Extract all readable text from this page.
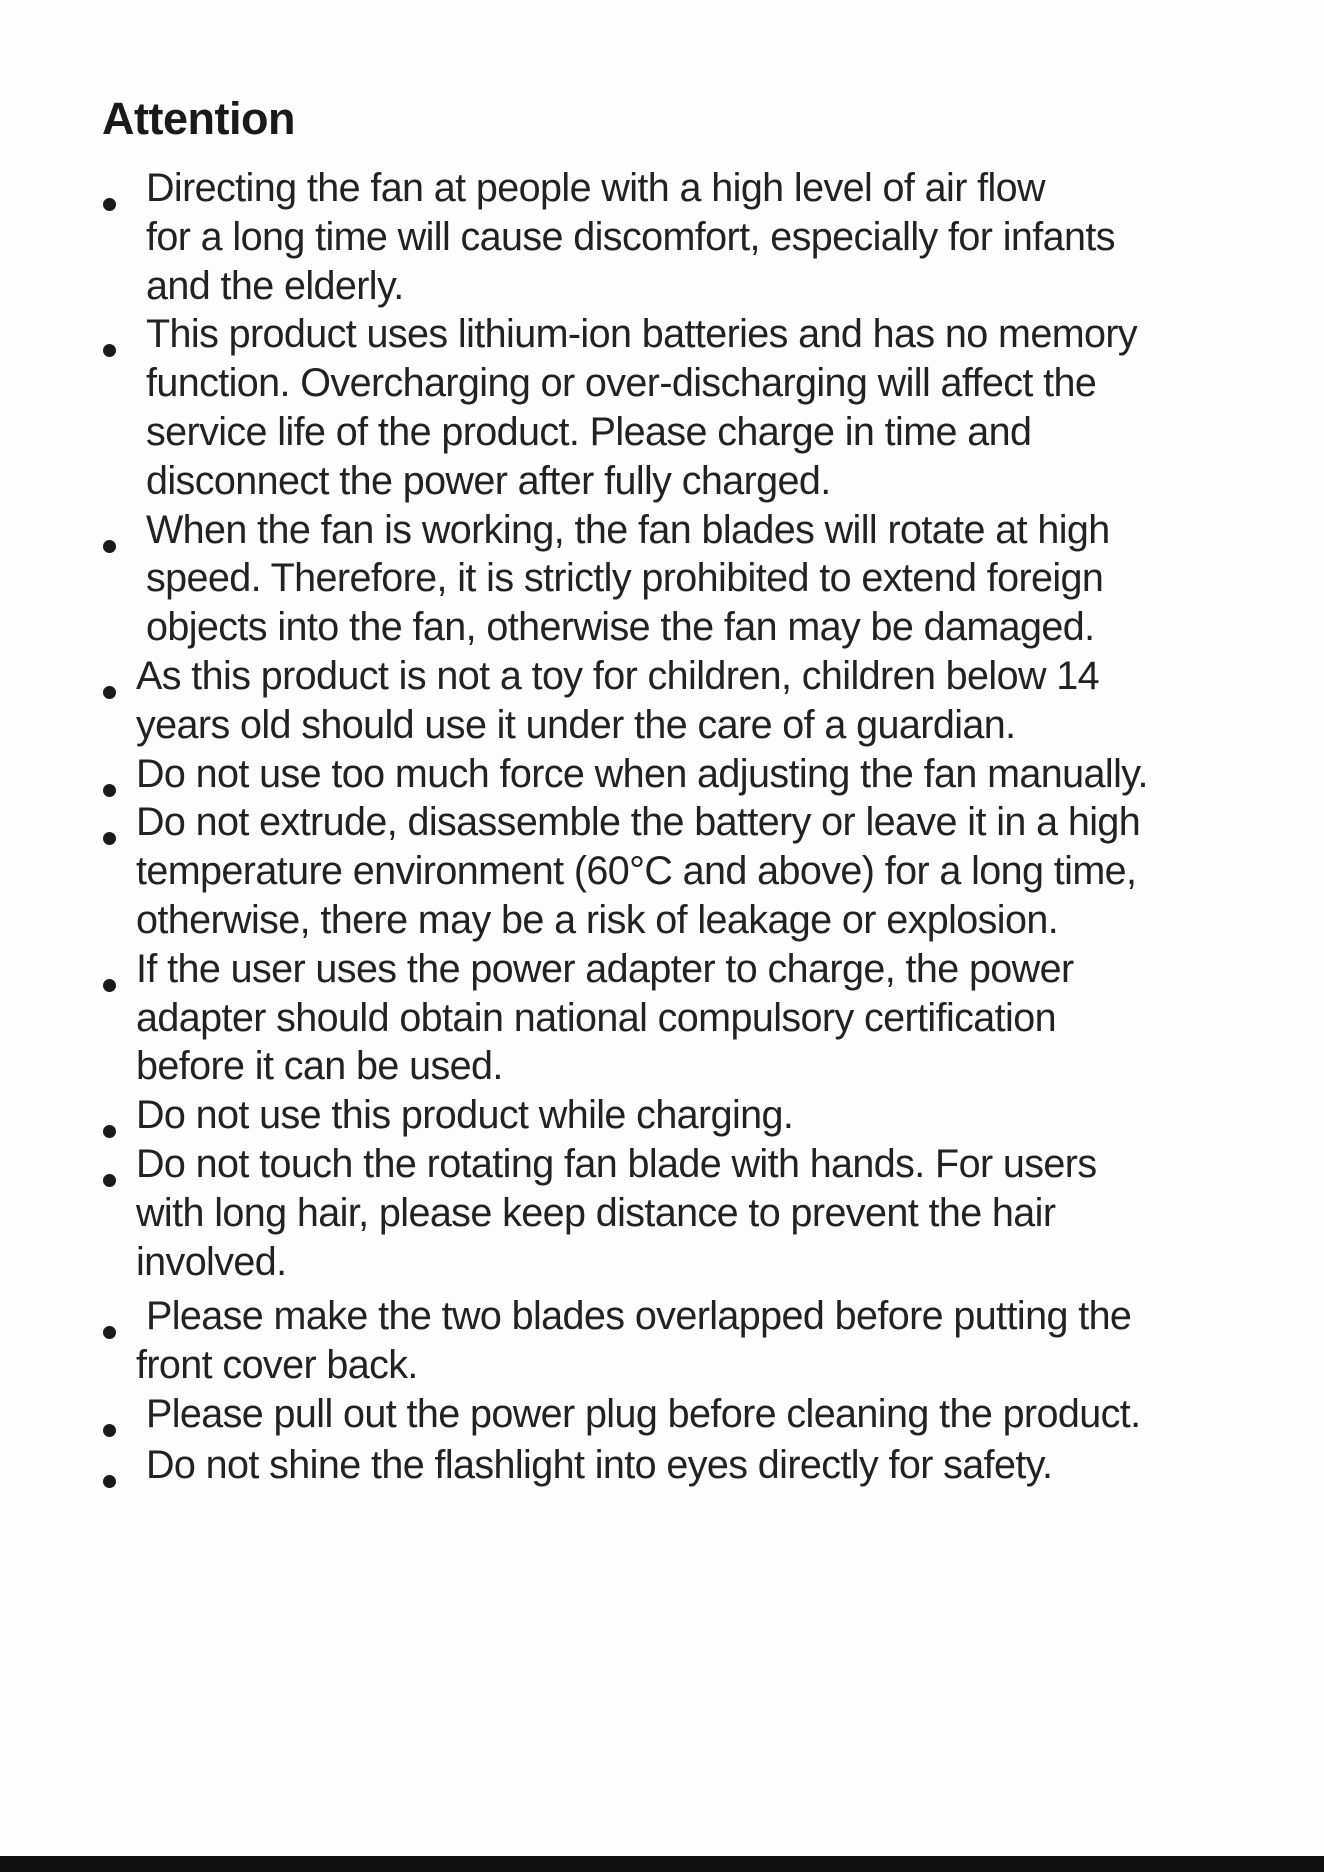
Attention
Directing the fan at people with a high level of air flow
for a long time will cause discomfort, especially for infants
and the elderly.
This product uses lithium-ion batteries and has no memory
function. Overcharging or over-discharging will affect the
service life of the product. Please charge in time and
disconnect the power after fully charged.
When the fan is working, the fan blades will rotate at high
speed. Therefore, it is strictly prohibited to extend foreign
objects into the fan, otherwise the fan may be damaged.
As this product is not a toy for children, children below 14
years old should use it under the care of a guardian.
Do not use too much force when adjusting the fan manually.
Do not extrude, disassemble the battery or leave it in a high
temperature environment (60°C and above) for a long time,
otherwise, there may be a risk of leakage or explosion.
If the user uses the power adapter to charge, the power
adapter should obtain national compulsory certification
before it can be used.
Do not use this product while charging.
Do not touch the rotating fan blade with hands. For users
with long hair, please keep distance to prevent the hair
involved.
Please make the two blades overlapped before putting the
front cover back.
Please pull out the power plug before cleaning the product.
Do not shine the flashlight into eyes directly for safety.
